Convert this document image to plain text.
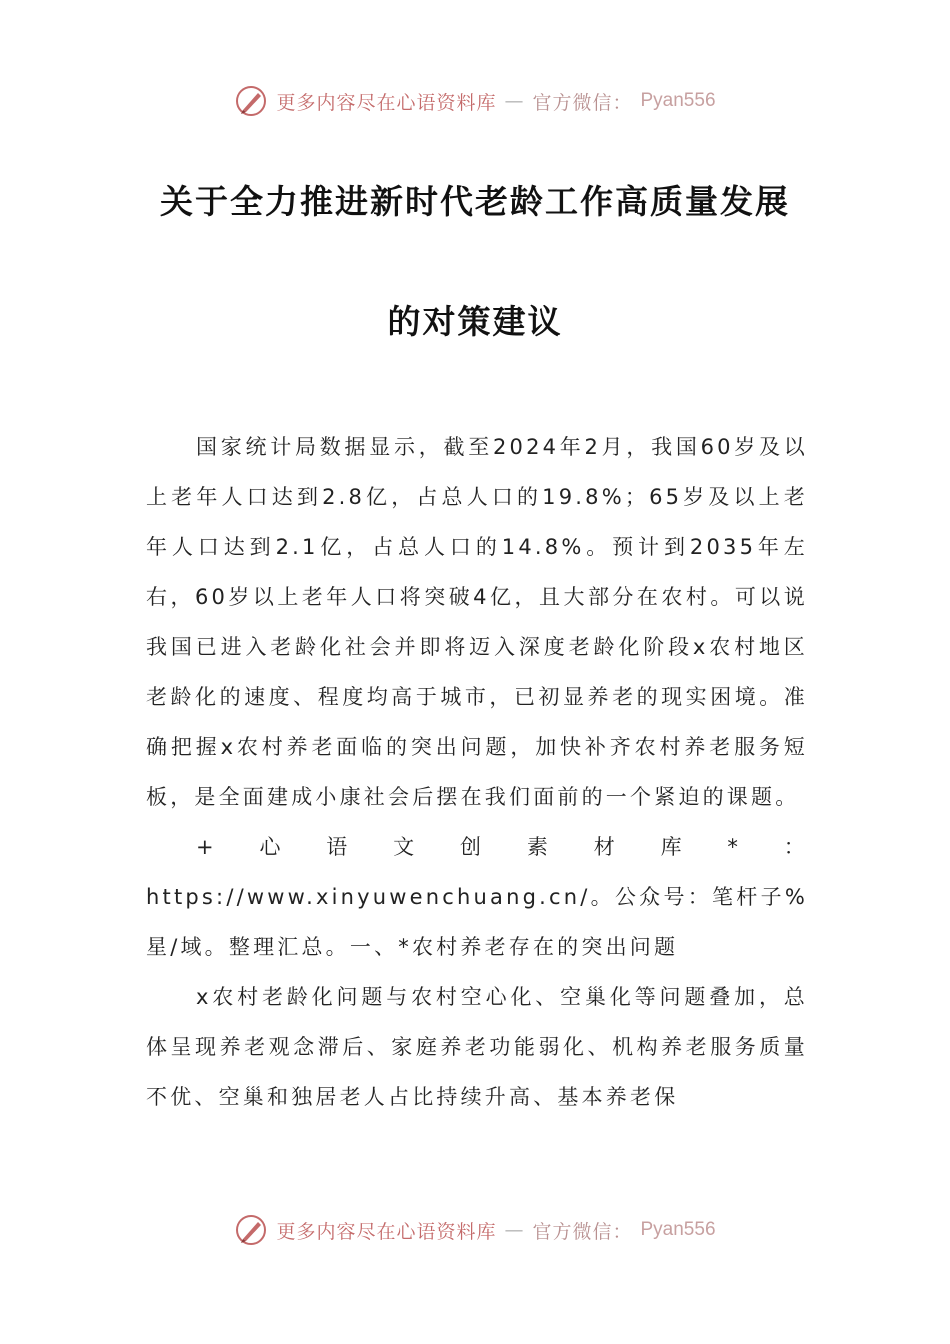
更多内容尽在心语资料库 — 官方微信： Pyan556
关于全力推进新时代老龄工作高质量发展
的对策建议

国家统计局数据显示，截至2024年2月，我国60岁及以上老年人口达到2.8亿，占总人口的19.8%；65岁及以上老年人口达到2.1亿，占总人口的14.8%。预计到2035年左右，60岁以上老年人口将突破4亿，且大部分在农村。可以说我国已进入老龄化社会并即将迈入深度老龄化阶段x农村地区老龄化的速度、程度均高于城市，已初显养老的现实困境。准确把握x农村养老面临的突出问题，加快补齐农村养老服务短板，是全面建成小康社会后摆在我们面前的一个紧迫的课题。

+心语文创素材库*：https://www.xinyuwenchuang.cn/。公众号：笔杆子%星/域。整理汇总。一、*农村养老存在的突出问题

x农村老龄化问题与农村空心化、空巢化等问题叠加，总体呈现养老观念滞后、家庭养老功能弱化、机构养老服务质量不优、空巢和独居老人占比持续升高、基本养老保

更多内容尽在心语资料库 — 官方微信： Pyan556
